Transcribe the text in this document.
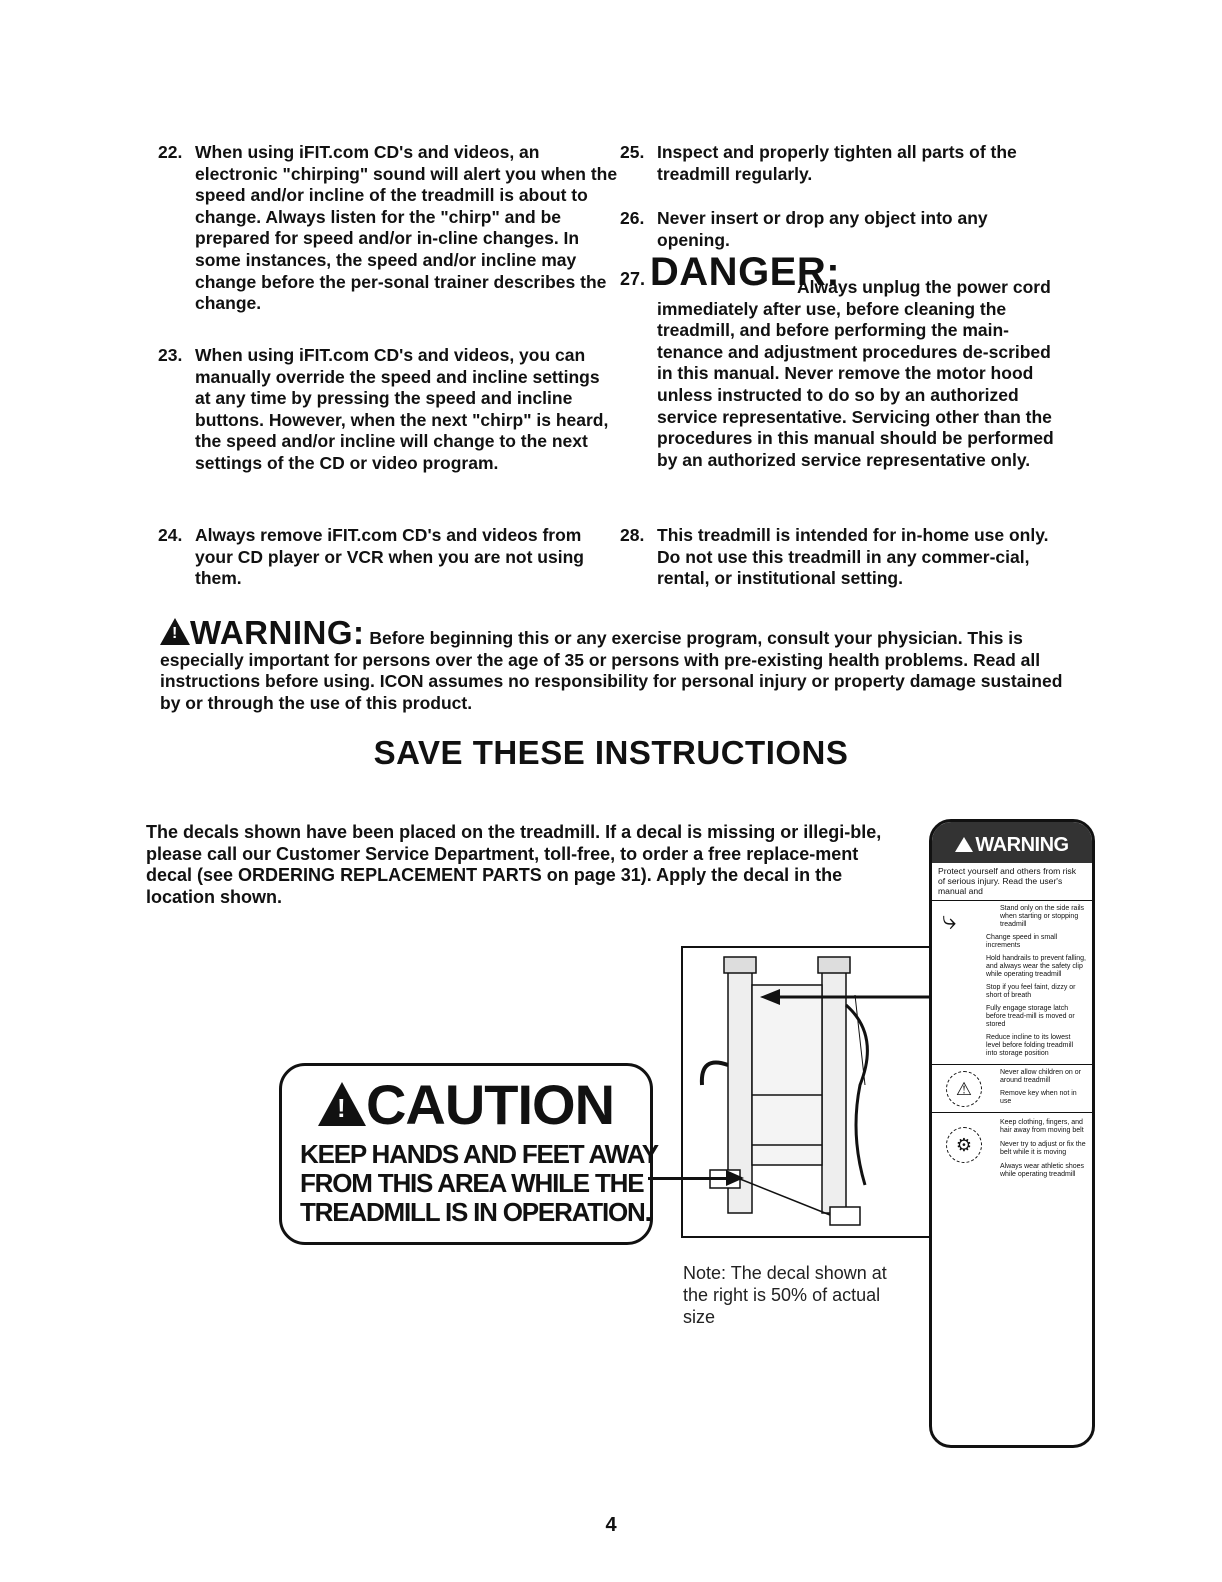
22. When using iFIT.com CD's and videos, an electronic "chirping" sound will alert you when the speed and/or incline of the treadmill is about to change. Always listen for the "chirp" and be prepared for speed and/or in-cline changes. In some instances, the speed and/or incline may change before the per-sonal trainer describes the change.
23. When using iFIT.com CD's and videos, you can manually override the speed and incline settings at any time by pressing the speed and incline buttons. However, when the next "chirp" is heard, the speed and/or incline will change to the next settings of the CD or video program.
24. Always remove iFIT.com CD's and videos from your CD player or VCR when you are not using them.
25. Inspect and properly tighten all parts of the treadmill regularly.
26. Never insert or drop any object into any opening.
27. DANGER:
Always unplug the power cord immediately after use, before cleaning the treadmill, and before performing the main-tenance and adjustment procedures de-scribed in this manual. Never remove the motor hood unless instructed to do so by an authorized service representative. Servicing other than the procedures in this manual should be performed by an authorized service representative only.
28. This treadmill is intended for in-home use only. Do not use this treadmill in any commer-cial, rental, or institutional setting.
!WARNING: Before beginning this or any exercise program, consult your physician. This is especially important for persons over the age of 35 or persons with pre-existing health problems. Read all instructions before using. ICON assumes no responsibility for personal injury or property damage sustained by or through the use of this product.
SAVE THESE INSTRUCTIONS
The decals shown have been placed on the treadmill. If a decal is missing or illegi-ble, please call our Customer Service Department, toll-free, to order a free replace-ment decal (see ORDERING REPLACEMENT PARTS on page 31). Apply the decal in the location shown.
! CAUTION
KEEP HANDS AND FEET AWAY
FROM THIS AREA WHILE THE
TREADMILL IS IN OPERATION.
Note: The decal shown at the right is 50% of actual size
WARNING
Protect yourself and others from risk of serious injury. Read the user's manual and
⤷	Stand only on the side rails when starting or stopping treadmill
Change speed in small increments
Hold handrails to prevent falling, and always wear the safety clip while operating treadmill
Stop if you feel faint, dizzy or short of breath
Fully engage storage latch before tread-mill is moved or stored
Reduce incline to its lowest level before folding treadmill into storage position
⚠
Never allow children on or around treadmill
Remove key when not in use
⚙
Keep clothing, fingers, and hair away from moving belt
Never try to adjust or fix the belt while it is moving
Always wear athletic shoes while operating treadmill
4
